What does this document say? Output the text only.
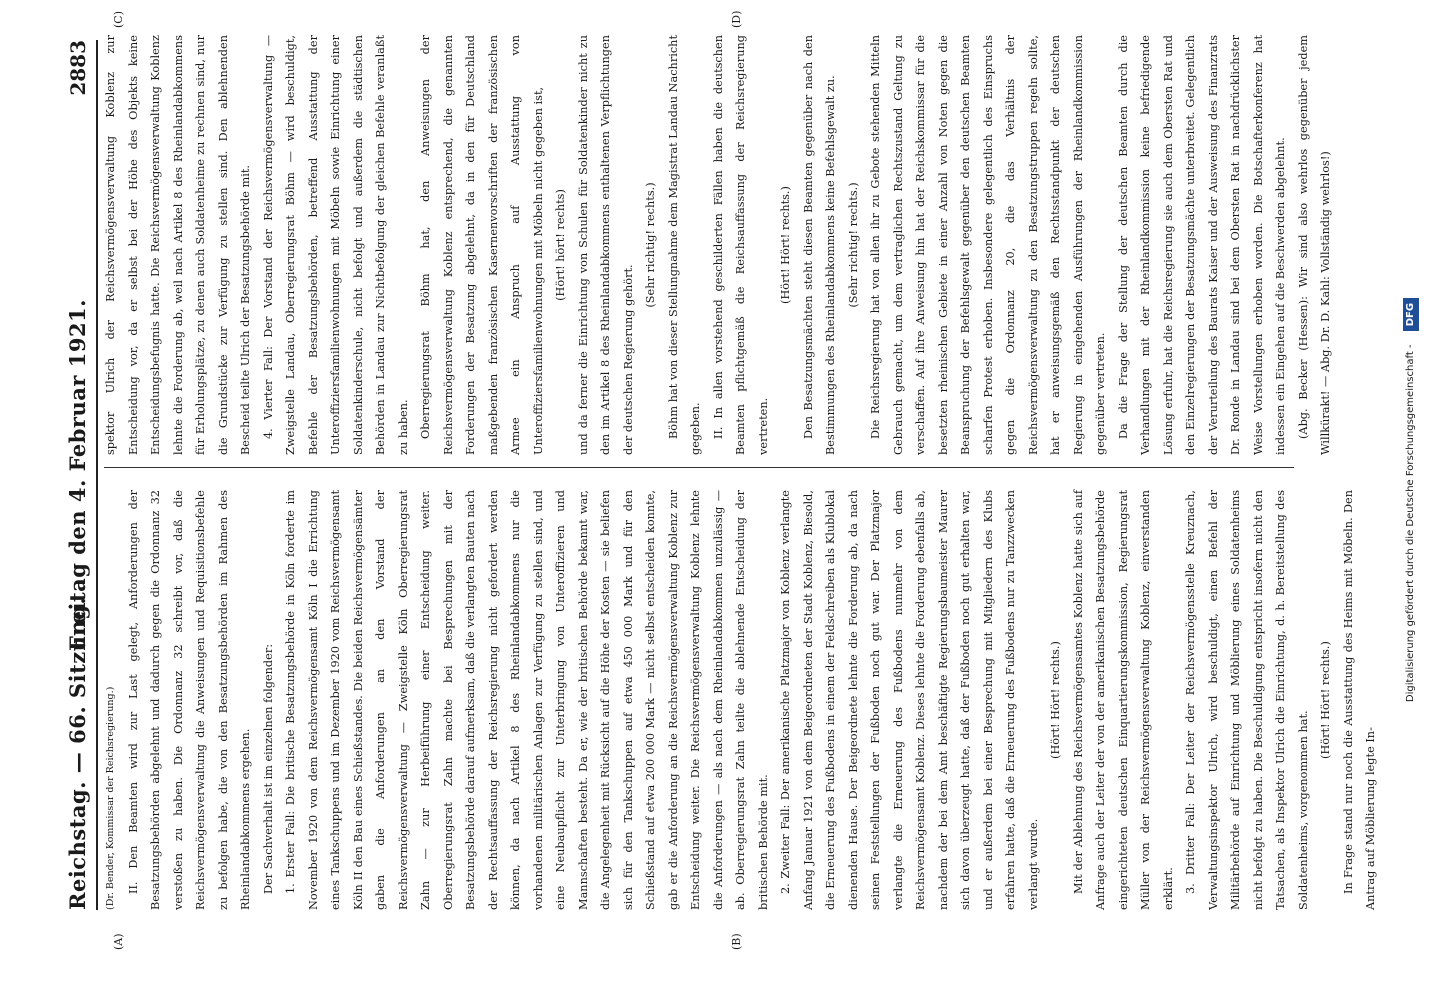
Reichstag. — 66. Sitzung.
Freitag den 4. Februar 1921.
2883
(A)	(B)
(C)	(D)

(Dr. Bender, Kommissar der Reichsregierung.) II. Den Beamten wird zur Last gelegt, Anforderungen der Besatzungsbehörden abgelehnt und dadurch gegen die Ordonnanz 32 verstoßen zu haben. Die Ordonnanz 32 schreibt vor, daß die Reichsvermögensverwaltung die Anweisungen und Requisitionsbefehle zu befolgen habe, die von den Besatzungsbehörden im Rahmen des Rheinlandabkommens ergehen. Der Sachverhalt ist im einzelnen folgender: 1. Erster Fall: Die britische Besatzungsbehörde in Köln forderte im November 1920 von dem Reichsvermögensamt Köln I die Errichtung eines Tankschuppens und im Dezember 1920 vom Reichsvermögensamt Köln II den Bau eines Schießstandes. Die beiden Reichsvermögensämter gaben die Anforderungen an den Vorstand der Reichsvermögensverwaltung — Zweigstelle Köln Oberregierungsrat Zahn — zur Herbeiführung einer Entscheidung weiter. Oberregierungsrat Zahn machte bei Besprechungen mit der Besatzungsbehörde darauf aufmerksam, daß die verlangten Bauten nach der Rechtsauffassung der Reichsregierung nicht gefordert werden können, da nach Artikel 8 des Rheinlandabkommens nur die vorhandenen militärischen Anlagen zur Verfügung zu stellen sind, und eine Neubaupflicht zur Unterbringung von Unteroffizieren und Mannschaften besteht. Da er, wie der britischen Behörde bekannt war, die Angelegenheit mit Rücksicht auf die Höhe der Kosten — sie beliefen sich für den Tankschuppen auf etwa 450 000 Mark und für den Schießstand auf etwa 200 000 Mark — nicht selbst entscheiden konnte, gab er die Anforderung an die Reichsvermögensverwaltung Koblenz zur Entscheidung weiter. Die Reichsvermögensverwaltung Koblenz lehnte die Anforderungen — als nach dem Rheinlandabkommen unzulässig — ab. Oberregierungsrat Zahn teilte die ablehnende Entscheidung der britischen Behörde mit. 2. Zweiter Fall: Der amerikanische Platzmajor von Koblenz verlangte Anfang Januar 1921 von dem Beigeordneten der Stadt Koblenz, Biesold, die Erneuerung des Fußbodens in einem der Feldschreiben als Klublokal dienenden Hause. Der Beigeordnete lehnte die Forderung ab, da nach seinen Feststellungen der Fußboden noch gut war. Der Platzmajor verlangte die Erneuerung des Fußbodens nunmehr von dem Reichsvermögensamt Koblenz. Dieses lehnte die Forderung ebenfalls ab, nachdem der bei dem Amt beschäftigte Regierungsbaumeister Maurer sich davon überzeugt hatte, daß der Fußboden noch gut erhalten war, und er außerdem bei einer Besprechung mit Mitgliedern des Klubs erfahren hatte, daß die Erneuerung des Fußbodens nur zu Tanzzwecken verlangt wurde.

(Hört! Hört! rechts.) Mit der Ablehnung des Reichsvermögensamtes Koblenz hatte sich auf Anfrage auch der Leiter der von der amerikanischen Besatzungsbehörde eingerichteten deutschen Einquartierungskommission, Regierungsrat Müller von der Reichsvermögensverwaltung Koblenz, einverstanden erklärt. 3. Dritter Fall: Der Leiter der Reichsvermögensstelle Kreuznach, Verwaltungsinspektor Ulrich, wird beschuldigt, einen Befehl der Militärbehörde auf Einrichtung und Möblierung eines Soldatenheims nicht befolgt zu haben. Die Beschuldigung entspricht insofern nicht den Tatsachen, als Inspektor Ulrich die Einrichtung, d. h. Bereitstellung des Soldatenheims, vorgenommen hat.

(Hört! Hört! rechts.) In Frage stand nur noch die Ausstattung des Heims mit Möbeln. Den Antrag auf Möblierung legte In-

spektor Ulrich der Reichsvermögensverwaltung Koblenz zur Entscheidung vor, da er selbst bei der Höhe des Objekts keine Entscheidungsbefugnis hatte. Die Reichsvermögensverwaltung Koblenz lehnte die Forderung ab, weil nach Artikel 8 des Rheinlandabkommens für Erholungsplätze, zu denen auch Soldatenheime zu rechnen sind, nur die Grundstücke zur Verfügung zu stellen sind. Den ablehnenden Bescheid teilte Ulrich der Besatzungsbehörde mit. 4. Vierter Fall: Der Vorstand der Reichsvermögensverwaltung — Zweigstelle Landau, Oberregierungsrat Böhm — wird beschuldigt, Befehle der Besatzungsbehörden, betreffend Ausstattung der Unteroffiziersfamilienwohnungen mit Möbeln sowie Einrichtung einer Soldatenkinderschule, nicht befolgt und außerdem die städtischen Behörden in Landau zur Nichtbefolgung der gleichen Befehle veranlaßt zu haben. Oberregierungsrat Böhm hat, den Anweisungen der Reichsvermögensverwaltung Koblenz entsprechend, die genannten Forderungen der Besatzung abgelehnt, da in den für Deutschland maßgebenden französischen Kasernenvorschriften der französischen Armee ein Anspruch auf Ausstattung von Unteroffiziersfamilienwohnungen mit Möbeln nicht gegeben ist, (Hört! hört! rechts) und da ferner die Einrichtung von Schulen für Soldatenkinder nicht zu den im Artikel 8 des Rheinlandabkommens enthaltenen Verpflichtungen der deutschen Regierung gehört.

(Sehr richtig! rechts.) Böhm hat von dieser Stellungnahme dem Magistrat Landau Nachricht gegeben. II. In allen vorstehend geschilderten Fällen haben die deutschen Beamten pflichtgemäß die Reichsauffassung der Reichsregierung vertreten.

(Hört! Hört! rechts.) Den Besatzungsmächten steht diesen Beamten gegenüber nach den Bestimmungen des Rheinlandabkommens keine Befehlsgewalt zu. (Sehr richtig! rechts.) Die Reichsregierung hat von allen ihr zu Gebote stehenden Mitteln Gebrauch gemacht, um dem vertraglichen Rechtszustand Geltung zu verschaffen. Auf ihre Anweisung hin hat der Reichskommissar für die besetzten rheinischen Gebiete in einer Anzahl von Noten gegen die Beanspruchung der Befehlsgewalt gegenüber den deutschen Beamten scharfen Protest erhoben. Insbesondere gelegentlich des Einspruchs gegen die Ordonnanz 20, die das Verhältnis der Reichsvermögensverwaltung zu den Besatzungstruppen regeln sollte, hat er anweisungsgemäß den Rechtsstandpunkt der deutschen Regierung in eingehenden Ausführungen der Rheinlandkommission gegenüber vertreten. Da die Frage der Stellung der deutschen Beamten durch die Verhandlungen mit der Rheinlandkommission keine befriedigende Lösung erfuhr, hat die Reichsregierung sie auch dem Obersten Rat und den Einzelregierungen der Besatzungsmächte unterbreitet. Gelegentlich der Verurteilung des Baurats Kaiser und der Ausweisung des Finanzrats Dr. Ronde in Landau sind bei dem Obersten Rat in nachdrücklichster Weise Vorstellungen erhoben worden. Die Botschafterkonferenz hat indessen ein Eingehen auf die Beschwerden abgelehnt. (Abg. Becker (Hessen): Wir sind also wehrlos gegenüber jedem Willkürakt! — Abg. Dr. D. Kahl: Vollständig wehrlos!)

Digitalisierung gefördert durch die Deutsche Forschungsgemeinschaft - DFG
